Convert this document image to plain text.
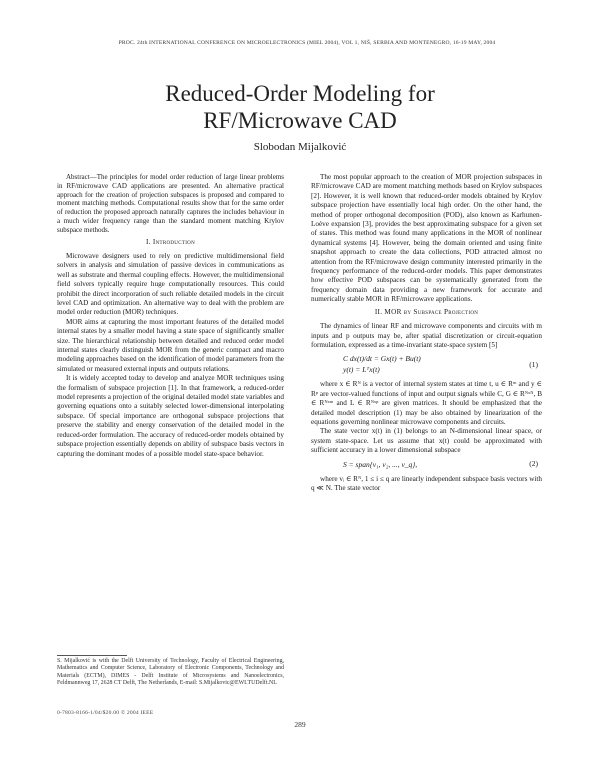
PROC. 24th INTERNATIONAL CONFERENCE ON MICROELECTRONICS (MIEL 2004), VOL 1, NIŠ, SERBIA AND MONTENEGRO, 16-19 MAY, 2004
Reduced-Order Modeling for
RF/Microwave CAD
Slobodan Mijalković

Abstract—The principles for model order reduction of large linear problems in RF/microwave CAD applications are presented. An alternative practical approach for the creation of projection subspaces is proposed and compared to moment matching methods. Computational results show that for the same order of reduction the proposed approach naturally captures the includes behaviour in a much wider frequency range than the standard moment matching Krylov subspace methods.

I. Introduction

Microwave designers used to rely on predictive multidimensional field solvers in analysis and simulation of passive devices in communications as well as substrate and thermal coupling effects. However, the multidimensional field solvers typically require huge computationally resources. This could prohibit the direct incorporation of such reliable detailed models in the circuit level CAD and optimization. An alternative way to deal with the problem are model order reduction (MOR) techniques.

MOR aims at capturing the most important features of the detailed model internal states by a smaller model having a state space of significantly smaller size. The hierarchical relationship between detailed and reduced order model internal states clearly distinguish MOR from the generic compact and macro modeling approaches based on the identification of model parameters from the simulated or measured external inputs and outputs relations.

It is widely accepted today to develop and analyze MOR techniques using the formalism of subspace projection [1]. In that framework, a reduced-order model represents a projection of the original detailed model state variables and governing equations onto a suitably selected lower-dimensional interpolating subspace. Of special importance are orthogonal subspace projections that preserve the stability and energy conservation of the detailed model in the reduced-order formulation. The accuracy of reduced-order models obtained by subspace projection essentially depends on ability of subspace basis vectors in capturing the dominant modes of a possible model state-space behavior.

S. Mijalković is with the Delft University of Technology, Faculty of Electrical Engineering, Mathematics and Computer Science, Laboratory of Electronic Components, Technology and Materials (ECTM), DIMES - Delft Institute of Microsystems and Nanoelectronics, Feldmannweg 17, 2628 CT Delft, The Netherlands, E-mail: S.Mijalkovic@EWI.TUDelft.NL
0-7803-8166-1/04/$20.00 © 2004 IEEE

The most popular approach to the creation of MOR projection subspaces in RF/microwave CAD are moment matching methods based on Krylov subspaces [2]. However, it is well known that reduced-order models obtained by Krylov subspace projection have essentially local high order. On the other hand, the method of proper orthogonal decomposition (POD), also known as Karhunen-Loève expansion [3], provides the best approximating subspace for a given set of states. This method was found many applications in the MOR of nonlinear dynamical systems [4]. However, being the domain oriented and using finite snapshot approach to create the data collections, POD attracted almost no attention from the RF/microwave design community interested primarily in the frequency performance of the reduced-order models. This paper demonstrates how effective POD subspaces can be systematically generated from the frequency domain data providing a new framework for accurate and numerically stable MOR in RF/microwave applications.

II. MOR by Subspace Projection

The dynamics of linear RF and microwave components and circuits with m inputs and p outputs may be, after spatial discretization or circuit-equation formulation, expressed as a time-invariant state-space system [5]

C dx(t)/dt = Gx(t) + Bu(t)
y(t) = Lᵀx(t)
(1)

where x ∈ Rᴺ is a vector of internal system states at time t, u ∈ Rᵐ and y ∈ Rᵖ are vector-valued functions of input and output signals while C, G ∈ Rᴺˣᴺ, B ∈ Rᴺˣᵐ and L ∈ Rᴺˣᵖ are given matrices. It should be emphasized that the detailed model description (1) may be also obtained by linearization of the equations governing nonlinear microwave components and circuits.

The state vector x(t) in (1) belongs to an N-dimensional linear space, or system state-space. Let us assume that x(t) could be approximated with sufficient accuracy in a lower dimensional subspace

S = span{v₁, v₂, ..., v_q},	(2)

where vᵢ ∈ Rᴺ, 1 ≤ i ≤ q are linearly independent subspace basis vectors with q ≪ N. The state vector

289
